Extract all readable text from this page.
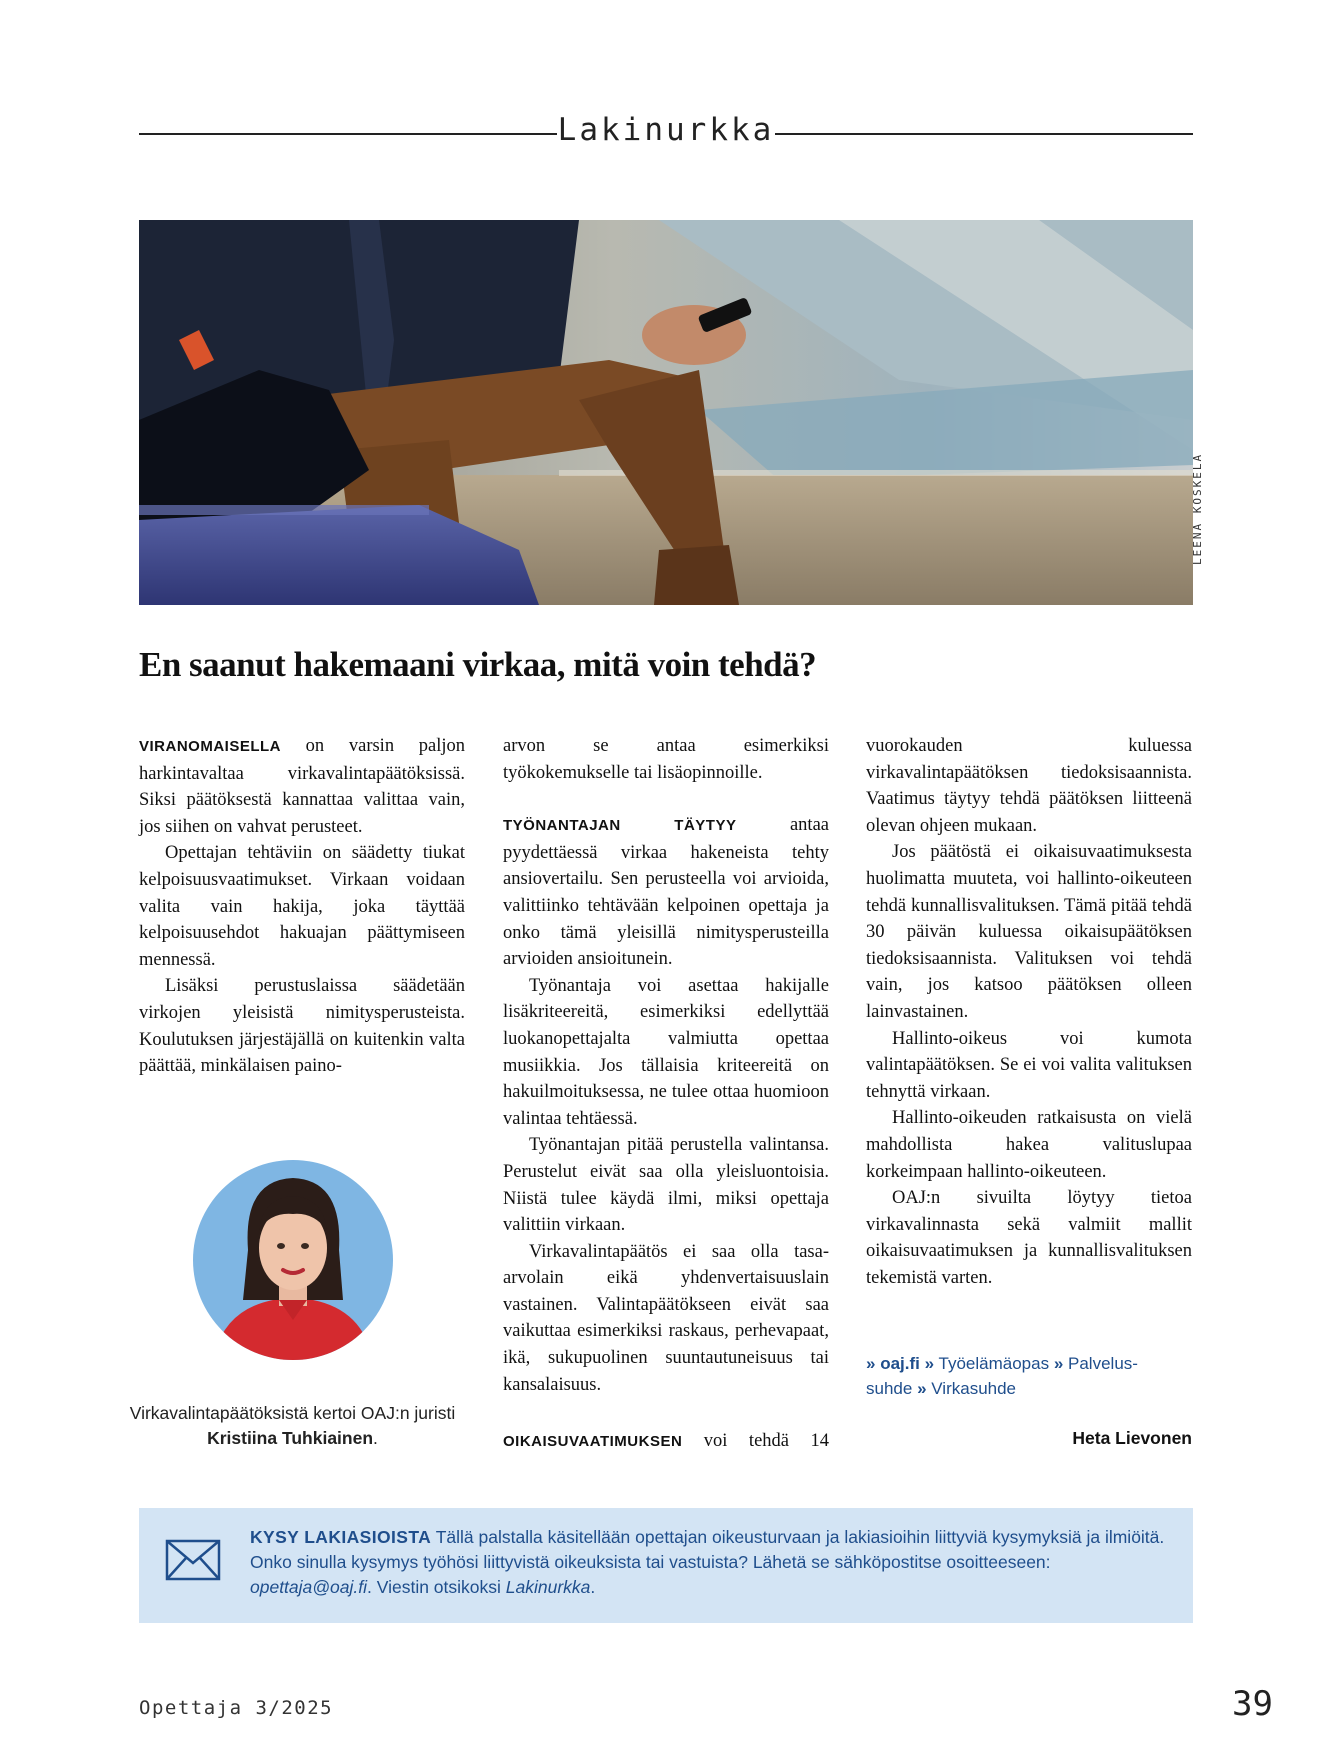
Lakinurkka
LEENA KOSKELA
En saanut hakemaani virkaa, mitä voin tehdä?

VIRANOMAISELLA on varsin paljon harkintavaltaa virkavalintapäätöksissä. Siksi päätöksestä kannattaa valittaa vain, jos siihen on vahvat perusteet.

Opettajan tehtäviin on säädetty tiukat kelpoisuusvaatimukset. Virkaan voidaan valita vain hakija, joka täyttää kelpoisuusehdot hakuajan päättymiseen mennessä.

Lisäksi perustuslaissa säädetään virkojen yleisistä nimitysperusteista. Koulutuksen järjestäjällä on kuitenkin valta päättää, minkälaisen paino-

arvon se antaa esimerkiksi työkokemukselle tai lisäopinnoille.

TYÖNANTAJAN TÄYTYY antaa pyydettäessä virkaa hakeneista tehty ansiovertailu. Sen perusteella voi arvioida, valittiinko tehtävään kelpoinen opettaja ja onko tämä yleisillä nimitysperusteilla arvioiden ansioitunein.

Työnantaja voi asettaa hakijalle lisäkriteereitä, esimerkiksi edellyttää luokanopettajalta valmiutta opettaa musiikkia. Jos tällaisia kriteereitä on hakuilmoituksessa, ne tulee ottaa huomioon valintaa tehtäessä.

Työnantajan pitää perustella valintansa. Perustelut eivät saa olla yleisluontoisia. Niistä tulee käydä ilmi, miksi opettaja valittiin virkaan.

Virkavalintapäätös ei saa olla tasa-arvolain eikä yhdenvertaisuuslain vastainen. Valintapäätökseen eivät saa vaikuttaa esimerkiksi raskaus, perhevapaat, ikä, sukupuolinen suuntautuneisuus tai kansalaisuus.

OIKAISUVAATIMUKSEN voi tehdä 14

vuorokauden kuluessa virkavalintapäätöksen tiedoksisaannista. Vaatimus täytyy tehdä päätöksen liitteenä olevan ohjeen mukaan.

Jos päätöstä ei oikaisuvaatimuksesta huolimatta muuteta, voi hallinto-oikeuteen tehdä kunnallisvalituksen. Tämä pitää tehdä 30 päivän kuluessa oikaisupäätöksen tiedoksisaannista. Valituksen voi tehdä vain, jos katsoo päätöksen olleen lainvastainen.

Hallinto-oikeus voi kumota valintapäätöksen. Se ei voi valita valituksen tehnyttä virkaan.

Hallinto-oikeuden ratkaisusta on vielä mahdollista hakea valituslupaa korkeimpaan hallinto-oikeuteen.

OAJ:n sivuilta löytyy tietoa virkavalinnasta sekä valmiit mallit oikaisuvaatimuksen ja kunnallisvalituksen tekemistä varten.

» oaj.fi » Työelämäopas » Palvelus-
suhde » Virkasuhde
Heta Lievonen
Virkavalintapäätöksistä kertoi OAJ:n juristi Kristiina Tuhkiainen.
KYSY LAKIASIOISTA Tällä palstalla käsitellään opettajan oikeusturvaan ja lakiasioihin liittyviä kysymyksiä ja ilmiöitä. Onko sinulla kysymys työhösi liittyvistä oikeuksista tai vastuista? Lähetä se sähköpostitse osoitteeseen: opettaja@oaj.fi. Viestin otsikoksi Lakinurkka.
Opettaja 3/2025	39
